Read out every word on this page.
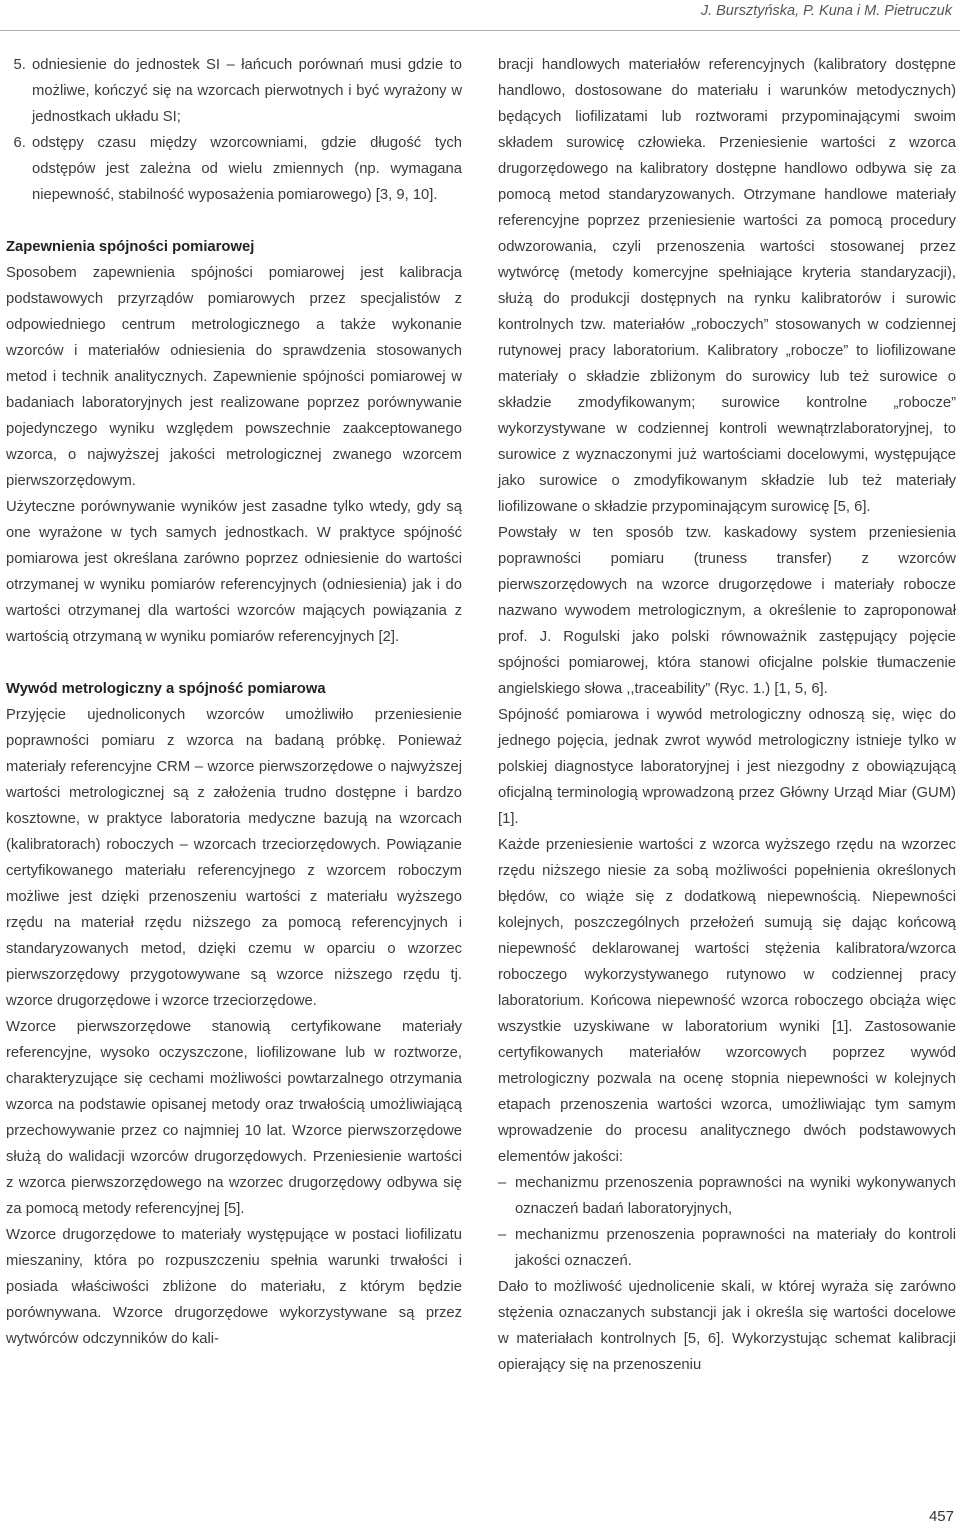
J. Bursztyńska, P. Kuna i M. Pietruczuk
5. odniesienie do jednostek SI – łańcuch porównań musi gdzie to możliwe, kończyć się na wzorcach pierwotnych i być wyrażony w jednostkach układu SI;
6. odstępy czasu między wzorcowniami, gdzie długość tych odstępów jest zależna od wielu zmiennych (np. wymagana niepewność, stabilność wyposażenia pomiarowego) [3, 9, 10].
Zapewnienia spójności pomiarowej

Sposobem zapewnienia spójności pomiarowej jest kalibracja podstawowych przyrządów pomiarowych przez specjalistów z odpowiedniego centrum metrologicznego a także wykonanie wzorców i materiałów odniesienia do sprawdzenia stosowanych metod i technik analitycznych. Zapewnienie spójności pomiarowej w badaniach laboratoryjnych jest realizowane poprzez porównywanie pojedynczego wyniku względem powszechnie zaakceptowanego wzorca, o najwyższej jakości metrologicznej zwanego wzorcem pierwszorzędowym.

Użyteczne porównywanie wyników jest zasadne tylko wtedy, gdy są one wyrażone w tych samych jednostkach. W praktyce spójność pomiarowa jest określana zarówno poprzez odniesienie do wartości otrzymanej w wyniku pomiarów referencyjnych (odniesienia) jak i do wartości otrzymanej dla wartości wzorców mających powiązania z wartością otrzymaną w wyniku pomiarów referencyjnych [2].

Wywód metrologiczny a spójność pomiarowa

Przyjęcie ujednoliconych wzorców umożliwiło przeniesienie poprawności pomiaru z wzorca na badaną próbkę. Ponieważ materiały referencyjne CRM – wzorce pierwszorzędowe o najwyższej wartości metrologicznej są z założenia trudno dostępne i bardzo kosztowne, w praktyce laboratoria medyczne bazują na wzorcach (kalibratorach) roboczych – wzorcach trzeciorzędowych. Powiązanie certyfikowanego materiału referencyjnego z wzorcem roboczym możliwe jest dzięki przenoszeniu wartości z materiału wyższego rzędu na materiał rzędu niższego za pomocą referencyjnych i standaryzowanych metod, dzięki czemu w oparciu o wzorzec pierwszorzędowy przygotowywane są wzorce niższego rzędu tj. wzorce drugorzędowe i wzorce trzeciorzędowe.

Wzorce pierwszorzędowe stanowią certyfikowane materiały referencyjne, wysoko oczyszczone, liofilizowane lub w roztworze, charakteryzujące się cechami możliwości powtarzalnego otrzymania wzorca na podstawie opisanej metody oraz trwałością umożliwiającą przechowywanie przez co najmniej 10 lat. Wzorce pierwszorzędowe służą do walidacji wzorców drugorzędowych. Przeniesienie wartości z wzorca pierwszorzędowego na wzorzec drugorzędowy odbywa się za pomocą metody referencyjnej [5].

Wzorce drugorzędowe to materiały występujące w postaci liofilizatu mieszaniny, która po rozpuszczeniu spełnia warunki trwałości i posiada właściwości zbliżone do materiału, z którym będzie porównywana. Wzorce drugorzędowe wykorzystywane są przez wytwórców odczynników do kali-

bracji handlowych materiałów referencyjnych (kalibratory dostępne handlowo, dostosowane do materiału i warunków metodycznych) będących liofilizatami lub roztworami przypominającymi swoim składem surowicę człowieka. Przeniesienie wartości z wzorca drugorzędowego na kalibratory dostępne handlowo odbywa się za pomocą metod standaryzowanych. Otrzymane handlowe materiały referencyjne poprzez przeniesienie wartości za pomocą procedury odwzorowania, czyli przenoszenia wartości stosowanej przez wytwórcę (metody komercyjne spełniające kryteria standaryzacji), służą do produkcji dostępnych na rynku kalibratorów i surowic kontrolnych tzw. materiałów „roboczych” stosowanych w codziennej rutynowej pracy laboratorium. Kalibratory „robocze” to liofilizowane materiały o składzie zbliżonym do surowicy lub też surowice o składzie zmodyfikowanym; surowice kontrolne „robocze” wykorzystywane w codziennej kontroli wewnątrzlaboratoryjnej, to surowice z wyznaczonymi już wartościami docelowymi, występujące jako surowice o zmodyfikowanym składzie lub też materiały liofilizowane o składzie przypominającym surowicę [5, 6].

Powstały w ten sposób tzw. kaskadowy system przeniesienia poprawności pomiaru (truness transfer) z wzorców pierwszorzędowych na wzorce drugorzędowe i materiały robocze nazwano wywodem metrologicznym, a określenie to zaproponował prof. J. Rogulski jako polski równoważnik zastępujący pojęcie spójności pomiarowej, która stanowi oficjalne polskie tłumaczenie angielskiego słowa ,,traceability” (Ryc. 1.) [1, 5, 6].

Spójność pomiarowa i wywód metrologiczny odnoszą się, więc do jednego pojęcia, jednak zwrot wywód metrologiczny istnieje tylko w polskiej diagnostyce laboratoryjnej i jest niezgodny z obowiązującą oficjalną terminologią wprowadzoną przez Główny Urząd Miar (GUM) [1].

Każde przeniesienie wartości z wzorca wyższego rzędu na wzorzec rzędu niższego niesie za sobą możliwości popełnienia określonych błędów, co wiąże się z dodatkową niepewnością. Niepewności kolejnych, poszczególnych przełożeń sumują się dając końcową niepewność deklarowanej wartości stężenia kalibratora/wzorca roboczego wykorzystywanego rutynowo w codziennej pracy laboratorium. Końcowa niepewność wzorca roboczego obciąża więc wszystkie uzyskiwane w laboratorium wyniki [1]. Zastosowanie certyfikowanych materiałów wzorcowych poprzez wywód metrologiczny pozwala na ocenę stopnia niepewności w kolejnych etapach przenoszenia wartości wzorca, umożliwiając tym samym wprowadzenie do procesu analitycznego dwóch podstawowych elementów jakości:

– mechanizmu przenoszenia poprawności na wyniki wykonywanych oznaczeń badań laboratoryjnych,
– mechanizmu przenoszenia poprawności na materiały do kontroli jakości oznaczeń.

Dało to możliwość ujednolicenie skali, w której wyraża się zarówno stężenia oznaczanych substancji jak i określa się wartości docelowe w materiałach kontrolnych [5, 6]. Wykorzystując schemat kalibracji opierający się na przenoszeniu

457
